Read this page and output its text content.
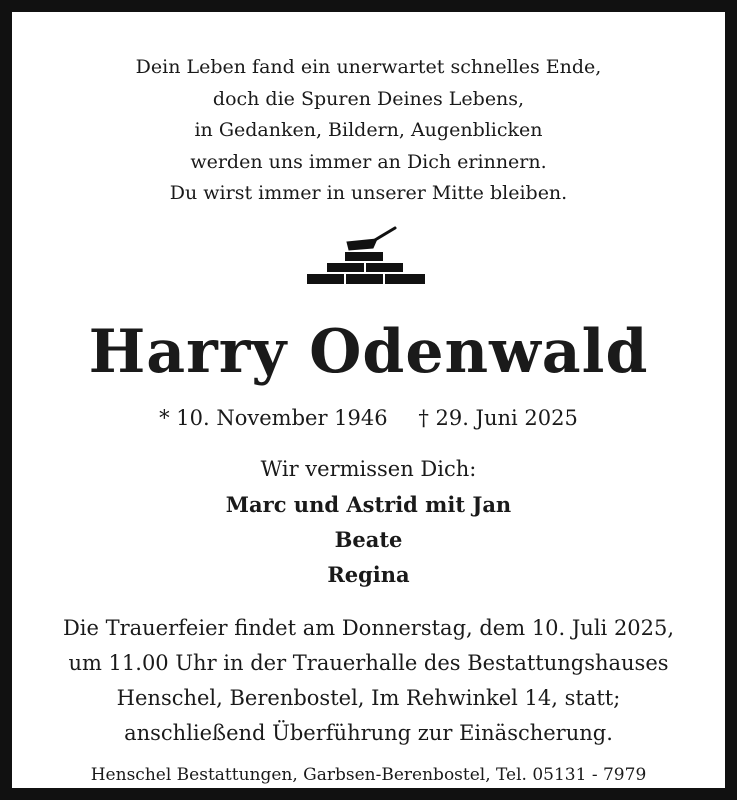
Dein Leben fand ein unerwartet schnelles Ende,
doch die Spuren Deines Lebens,
in Gedanken, Bildern, Augenblicken
werden uns immer an Dich erinnern.
Du wirst immer in unserer Mitte bleiben.
Harry Odenwald
* 10. November 1946 † 29. Juni 2025
Wir vermissen Dich:
Marc und Astrid mit Jan
Beate
Regina
Die Trauerfeier findet am Donnerstag, dem 10. Juli 2025,
um 11.00 Uhr in der Trauerhalle des Bestattungshauses
Henschel, Berenbostel, Im Rehwinkel 14, statt;
anschließend Überführung zur Einäscherung.
Henschel Bestattungen, Garbsen-Berenbostel, Tel. 05131 - 7979
